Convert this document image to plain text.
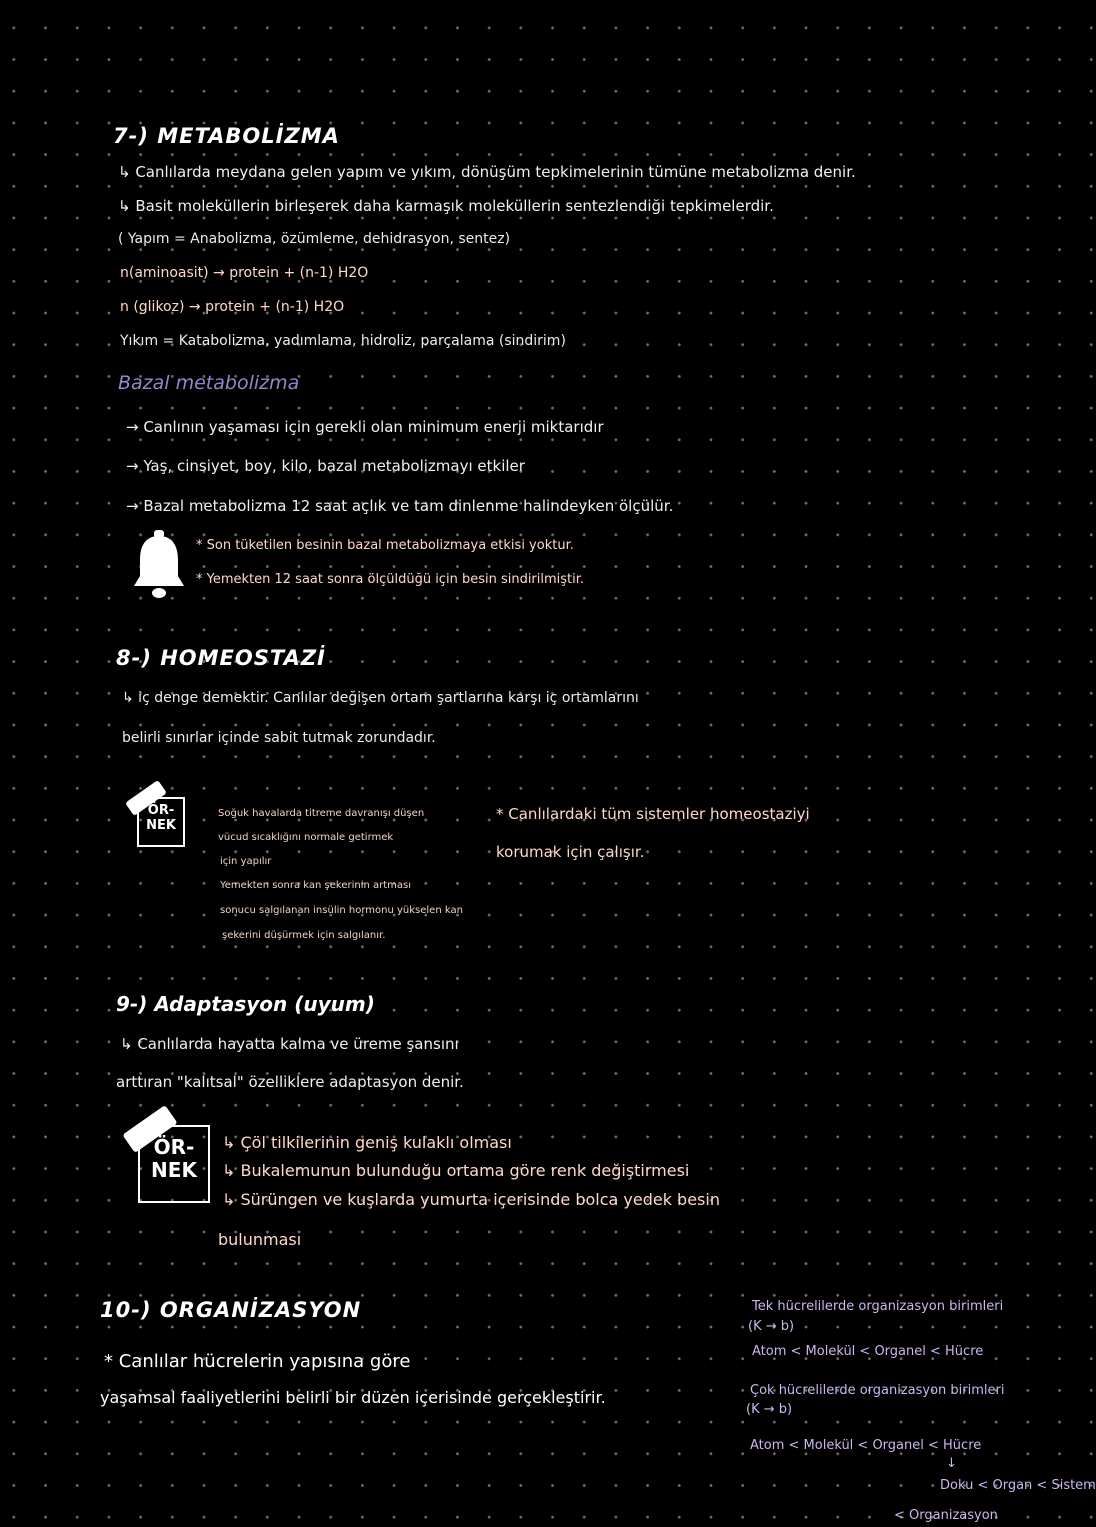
7-) METABOLİZMA
↳ Canlılarda meydana gelen yapım ve yıkım, dönüşüm tepkimelerinin tümüne metabolizma denir.
↳ Basit moleküllerin birleşerek daha karmaşık moleküllerin sentezlendiği tepkimelerdir.
( Yapım = Anabolizma, özümleme, dehidrasyon, sentez)
n(aminoasit) → protein + (n-1) H2O
n (glikoz) → protein + (n-1) H2O
Yıkım = Katabolizma, yadımlama, hidroliz, parçalama (sindirim)
Bazal metabolizma
→ Canlının yaşaması için gerekli olan minimum enerji miktarıdır
→ Yaş, cinsiyet, boy, kilo, bazal metabolizmayı etkiler
→ Bazal metabolizma 12 saat açlık ve tam dinlenme halindeyken ölçülür.
* Son tüketilen besinin bazal metabolizmaya etkisi yoktur.
* Yemekten 12 saat sonra ölçüldüğü için besin sindirilmiştir.
8-) HOMEOSTAZİ
↳ iç denge demektir. Canlılar değişen ortam şartlarına karşı iç ortamlarını
belirli sınırlar içinde sabit tutmak zorundadır.
ÖR-
NEK
Soğuk havalarda titreme davranışı düşen
vücud sıcaklığını normale getirmek
için yapılır
Yemekten sonra kan şekerinin artması
sonucu salgılanan insülin hormonu yükselen kan
şekerini düşürmek için salgılanır.
* Canlılardaki tüm sistemler homeostaziyi
korumak için çalışır.
9-) Adaptasyon (uyum)
↳ Canlılarda hayatta kalma ve üreme şansını
arttıran "kalıtsal" özelliklere adaptasyon denir.
ÖR-
NEK
↳ Çöl tilkilerinin geniş kulaklı olması
↳ Bukalemunun bulunduğu ortama göre renk değiştirmesi
↳ Sürüngen ve kuşlarda yumurta içerisinde bolca yedek besin
bulunması
10-) ORGANİZASYON
* Canlılar hücrelerin yapısına göre
yaşamsal faaliyetlerini belirli bir düzen içerisinde gerçekleştirir.
Tek hücrelilerde organizasyon birimleri
(K → b)
Atom < Molekül < Organel < Hücre
Çok hücrelilerde organizasyon birimleri
(K → b)
Atom < Molekül < Organel < Hücre
↓
Doku < Organ < Sistem
< Organizasyon
